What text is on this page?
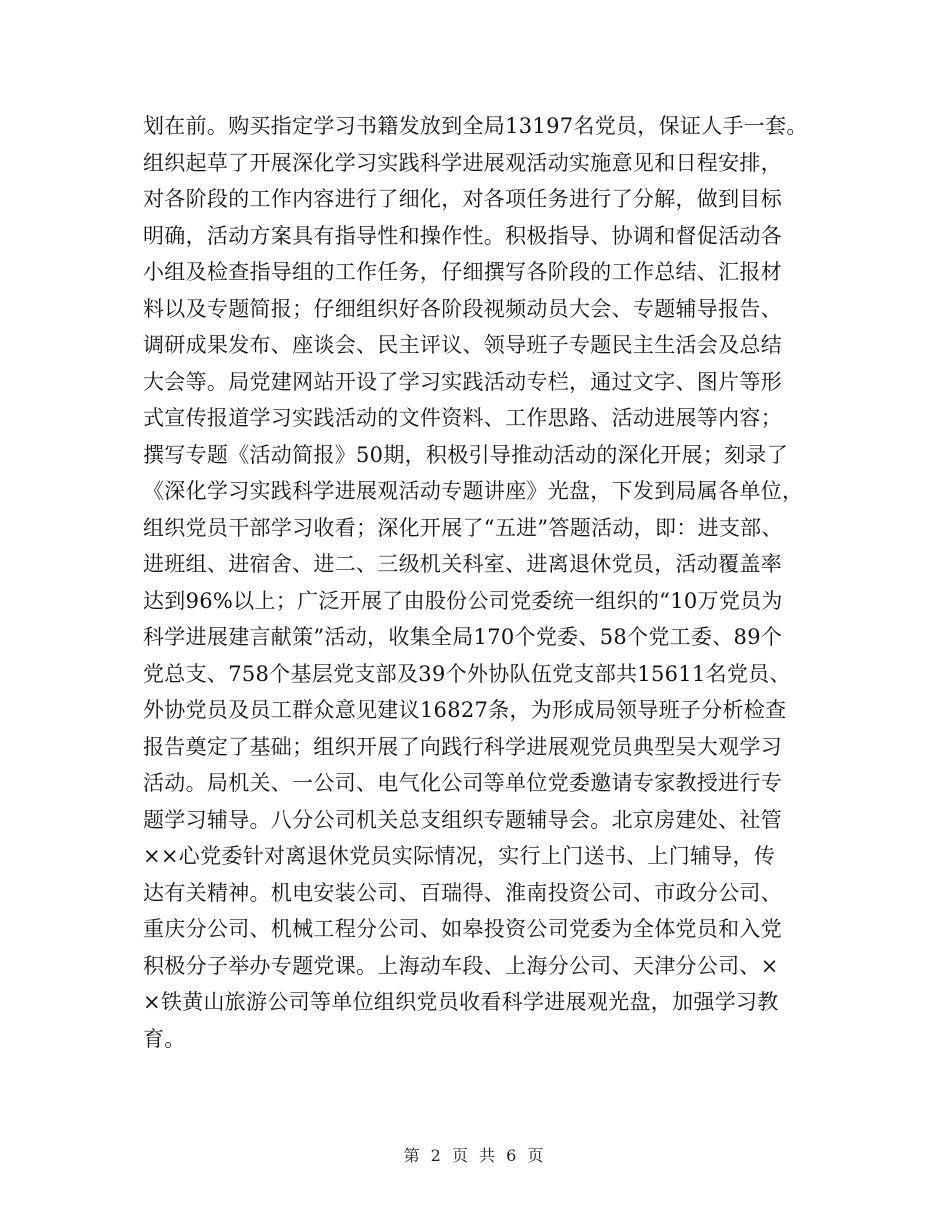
划在前。购买指定学习书籍发放到全局13197名党员，保证人手一套。
组织起草了开展深化学习实践科学进展观活动实施意见和日程安排，
对各阶段的工作内容进行了细化，对各项任务进行了分解，做到目标
明确，活动方案具有指导性和操作性。积极指导、协调和督促活动各
小组及检查指导组的工作任务，仔细撰写各阶段的工作总结、汇报材
料以及专题简报；仔细组织好各阶段视频动员大会、专题辅导报告、
调研成果发布、座谈会、民主评议、领导班子专题民主生活会及总结
大会等。局党建网站开设了学习实践活动专栏，通过文字、图片等形
式宣传报道学习实践活动的文件资料、工作思路、活动进展等内容；
撰写专题《活动简报》50期，积极引导推动活动的深化开展；刻录了
《深化学习实践科学进展观活动专题讲座》光盘，下发到局属各单位，
组织党员干部学习收看；深化开展了“五进”答题活动，即：进支部、
进班组、进宿舍、进二、三级机关科室、进离退休党员，活动覆盖率
达到96%以上；广泛开展了由股份公司党委统一组织的“10万党员为
科学进展建言献策”活动，收集全局170个党委、58个党工委、89个
党总支、758个基层党支部及39个外协队伍党支部共15611名党员、
外协党员及员工群众意见建议16827条，为形成局领导班子分析检查
报告奠定了基础；组织开展了向践行科学进展观党员典型吴大观学习
活动。局机关、一公司、电气化公司等单位党委邀请专家教授进行专
题学习辅导。八分公司机关总支组织专题辅导会。北京房建处、社管
××心党委针对离退休党员实际情况，实行上门送书、上门辅导，传
达有关精神。机电安装公司、百瑞得、淮南投资公司、市政分公司、
重庆分公司、机械工程分公司、如皋投资公司党委为全体党员和入党
积极分子举办专题党课。上海动车段、上海分公司、天津分公司、×
×铁黄山旅游公司等单位组织党员收看科学进展观光盘，加强学习教
育。
第 2 页 共 6 页
